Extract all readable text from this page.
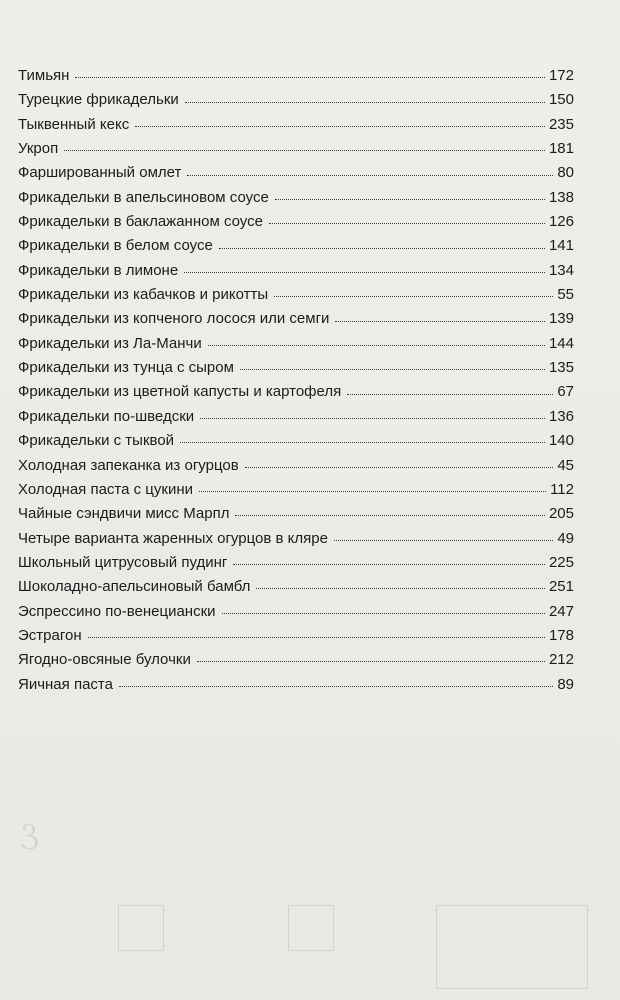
ℰ
Тимьян	172
Турецкие фрикадельки	150
Тыквенный кекс	235
Укроп	181
Фаршированный омлет	80
Фрикадельки в апельсиновом соусе	138
Фрикадельки в баклажанном соусе	126
Фрикадельки в белом соусе	141
Фрикадельки в лимоне	134
Фрикадельки из кабачков и рикотты	55
Фрикадельки из копченого лосося или семги	139
Фрикадельки из Ла-Манчи	144
Фрикадельки из тунца с сыром	135
Фрикадельки из цветной капусты и картофеля	67
Фрикадельки по-шведски	136
Фрикадельки с тыквой	140
Холодная запеканка из огурцов	45
Холодная паста с цукини	112
Чайные сэндвичи мисс Марпл	205
Четыре варианта жаренных огурцов в кляре	49
Школьный цитрусовый пудинг	225
Шоколадно-апельсиновый бамбл	251
Эспрессино по-венециански	247
Эстрагон	178
Ягодно-овсяные булочки	212
Яичная паста	89
